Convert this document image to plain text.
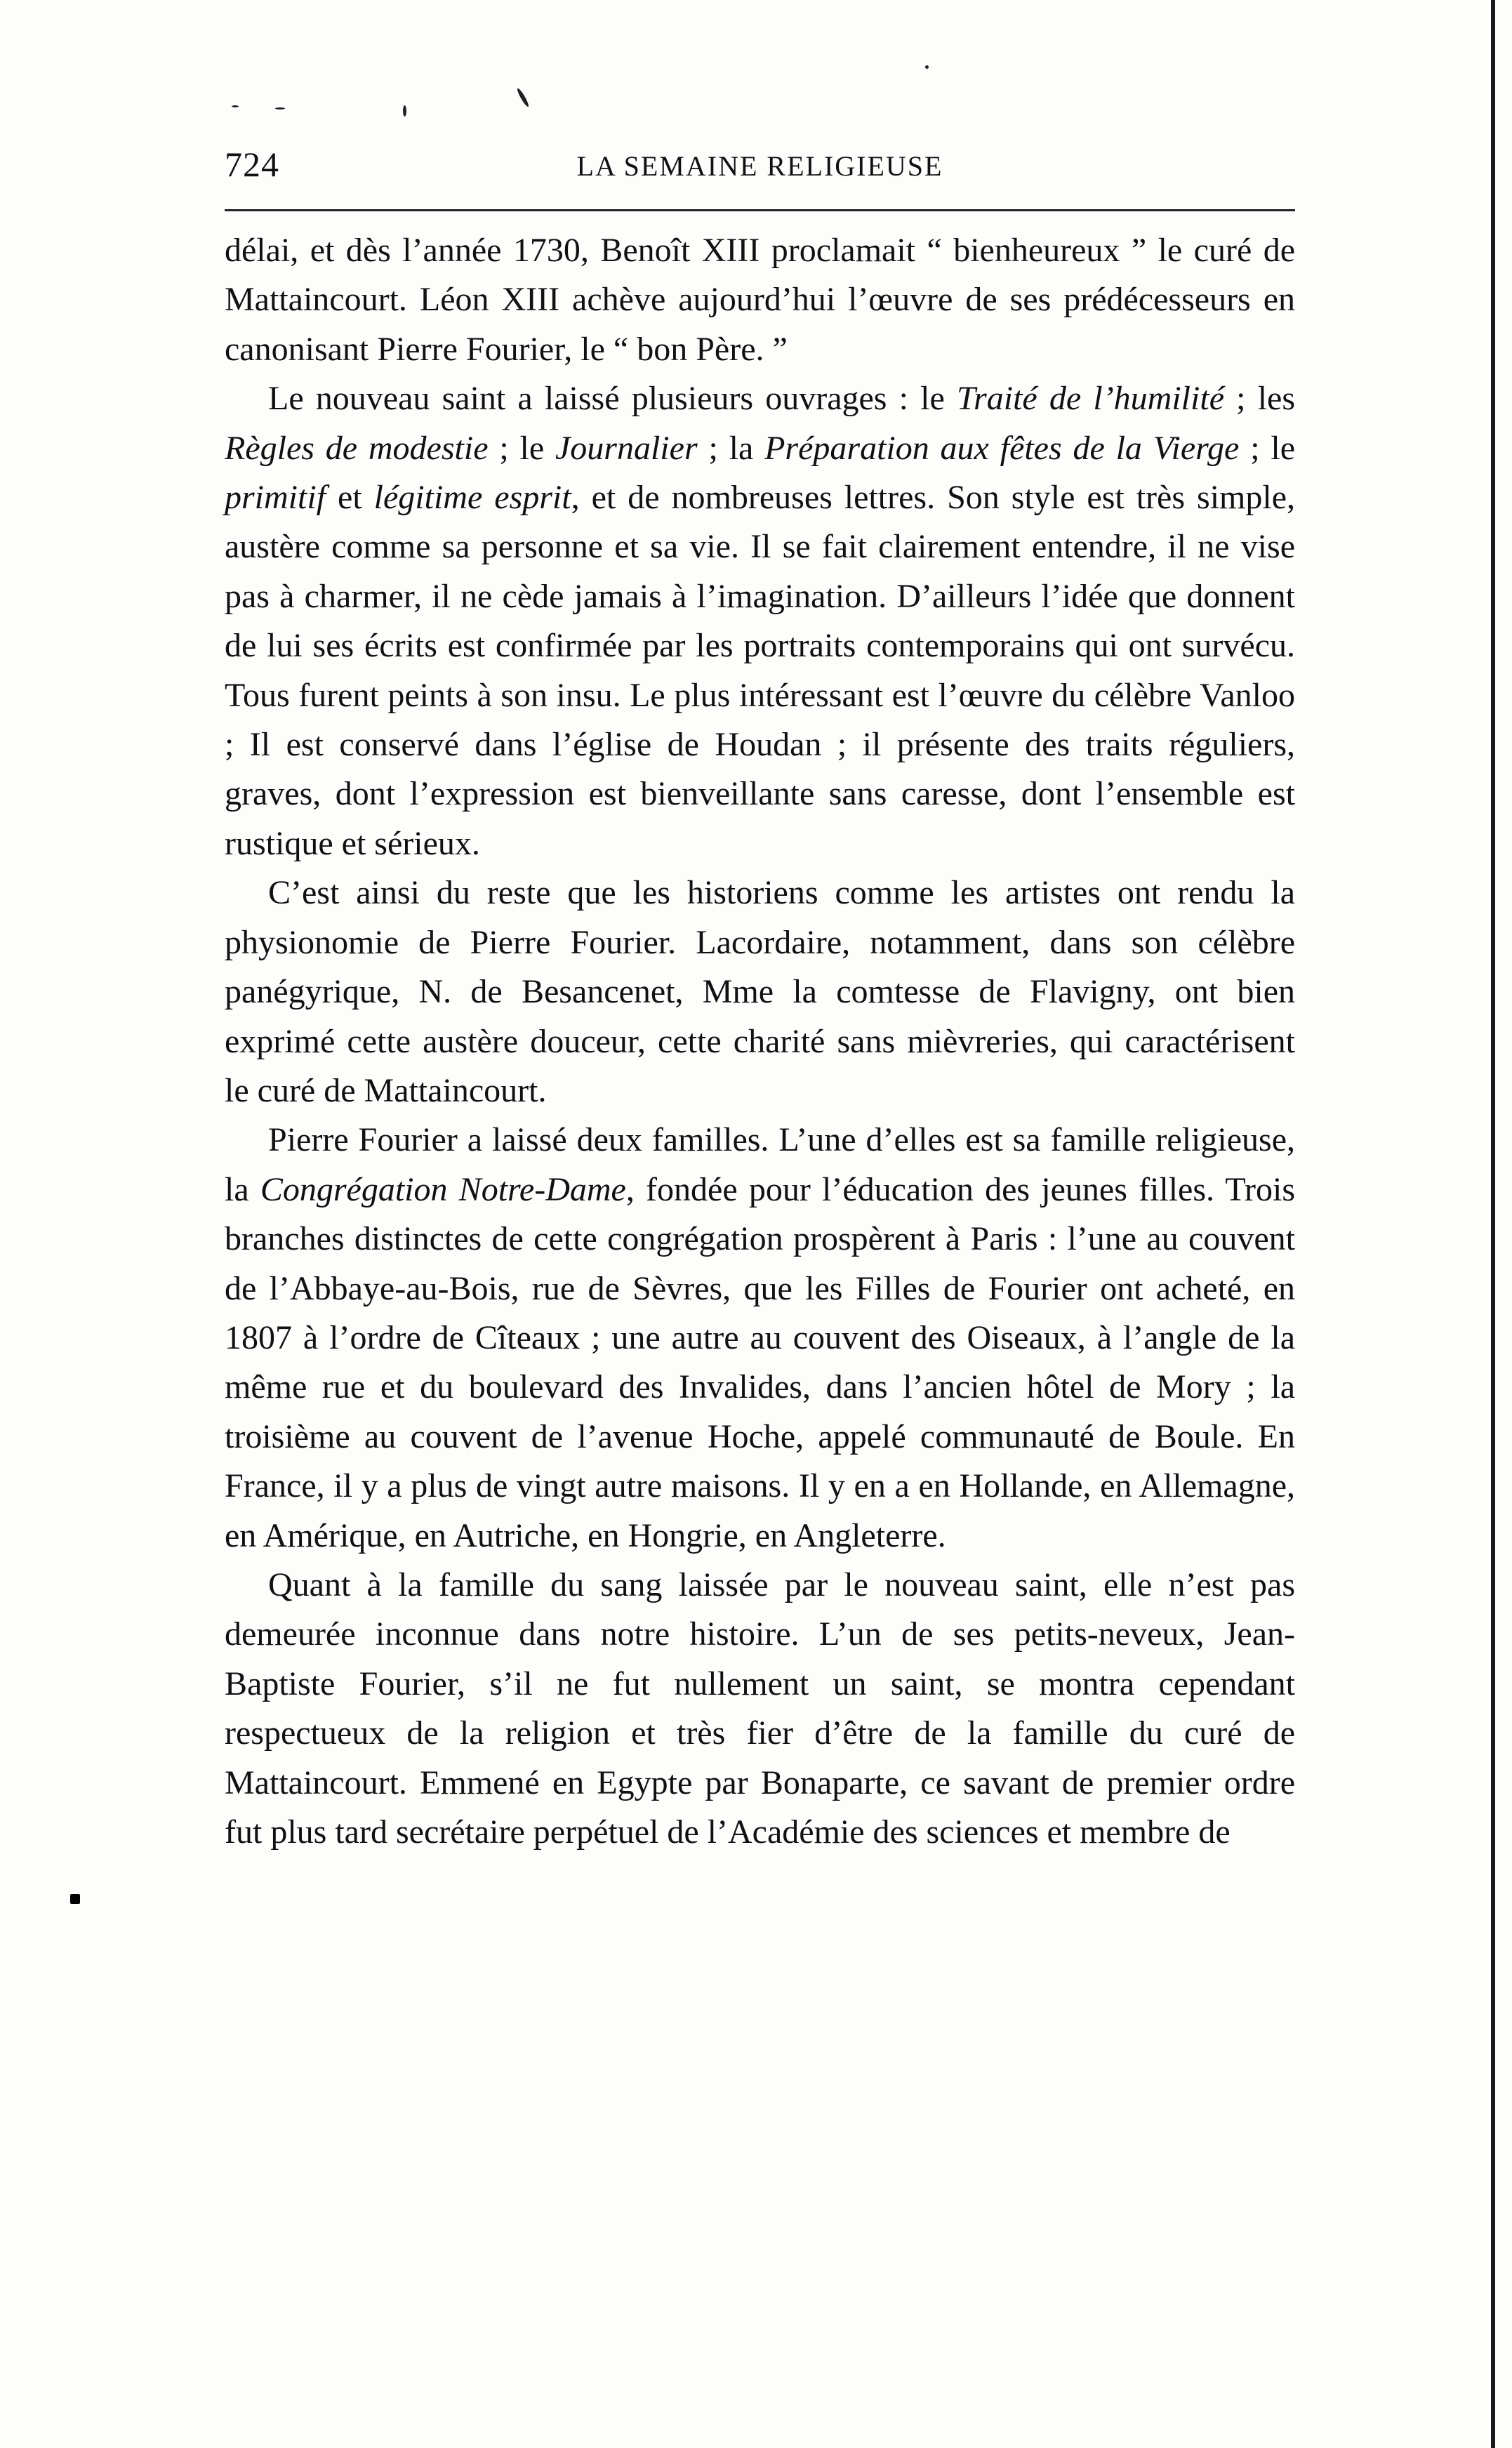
724	LA SEMAINE RELIGIEUSE

délai, et dès l’année 1730, Benoît XIII proclamait “ bienheureux ” le curé de Mattaincourt. Léon XIII achève aujourd’hui l’œuvre de ses prédécesseurs en canonisant Pierre Fourier, le “ bon Père. ”

Le nouveau saint a laissé plusieurs ouvrages : le Traité de l’humilité ; les Règles de modestie ; le Journalier ; la Préparation aux fêtes de la Vierge ; le primitif et légitime esprit, et de nombreuses lettres. Son style est très simple, austère comme sa personne et sa vie. Il se fait clairement entendre, il ne vise pas à charmer, il ne cède jamais à l’imagination. D’ailleurs l’idée que donnent de lui ses écrits est confirmée par les portraits contemporains qui ont survécu. Tous furent peints à son insu. Le plus intéressant est l’œuvre du célèbre Vanloo ; Il est conservé dans l’église de Houdan ; il présente des traits réguliers, graves, dont l’expression est bienveillante sans caresse, dont l’ensemble est rustique et sérieux.

C’est ainsi du reste que les historiens comme les artistes ont rendu la physionomie de Pierre Fourier. Lacordaire, notamment, dans son célèbre panégyrique, N. de Besancenet, Mme la comtesse de Flavigny, ont bien exprimé cette austère douceur, cette charité sans mièvreries, qui caractérisent le curé de Mattaincourt.

Pierre Fourier a laissé deux familles. L’une d’elles est sa famille religieuse, la Congrégation Notre-Dame, fondée pour l’éducation des jeunes filles. Trois branches distinctes de cette congrégation prospèrent à Paris : l’une au couvent de l’Abbaye-au-Bois, rue de Sèvres, que les Filles de Fourier ont acheté, en 1807 à l’ordre de Cîteaux ; une autre au couvent des Oiseaux, à l’angle de la même rue et du boulevard des Invalides, dans l’ancien hôtel de Mory ; la troisième au couvent de l’avenue Hoche, appelé communauté de Boule. En France, il y a plus de vingt autre maisons. Il y en a en Hollande, en Allemagne, en Amérique, en Autriche, en Hongrie, en Angleterre.

Quant à la famille du sang laissée par le nouveau saint, elle n’est pas demeurée inconnue dans notre histoire. L’un de ses petits-neveux, Jean-Baptiste Fourier, s’il ne fut nullement un saint, se montra cependant respectueux de la religion et très fier d’être de la famille du curé de Mattaincourt. Emmené en Egypte par Bonaparte, ce savant de premier ordre fut plus tard secrétaire perpétuel de l’Académie des sciences et membre de
